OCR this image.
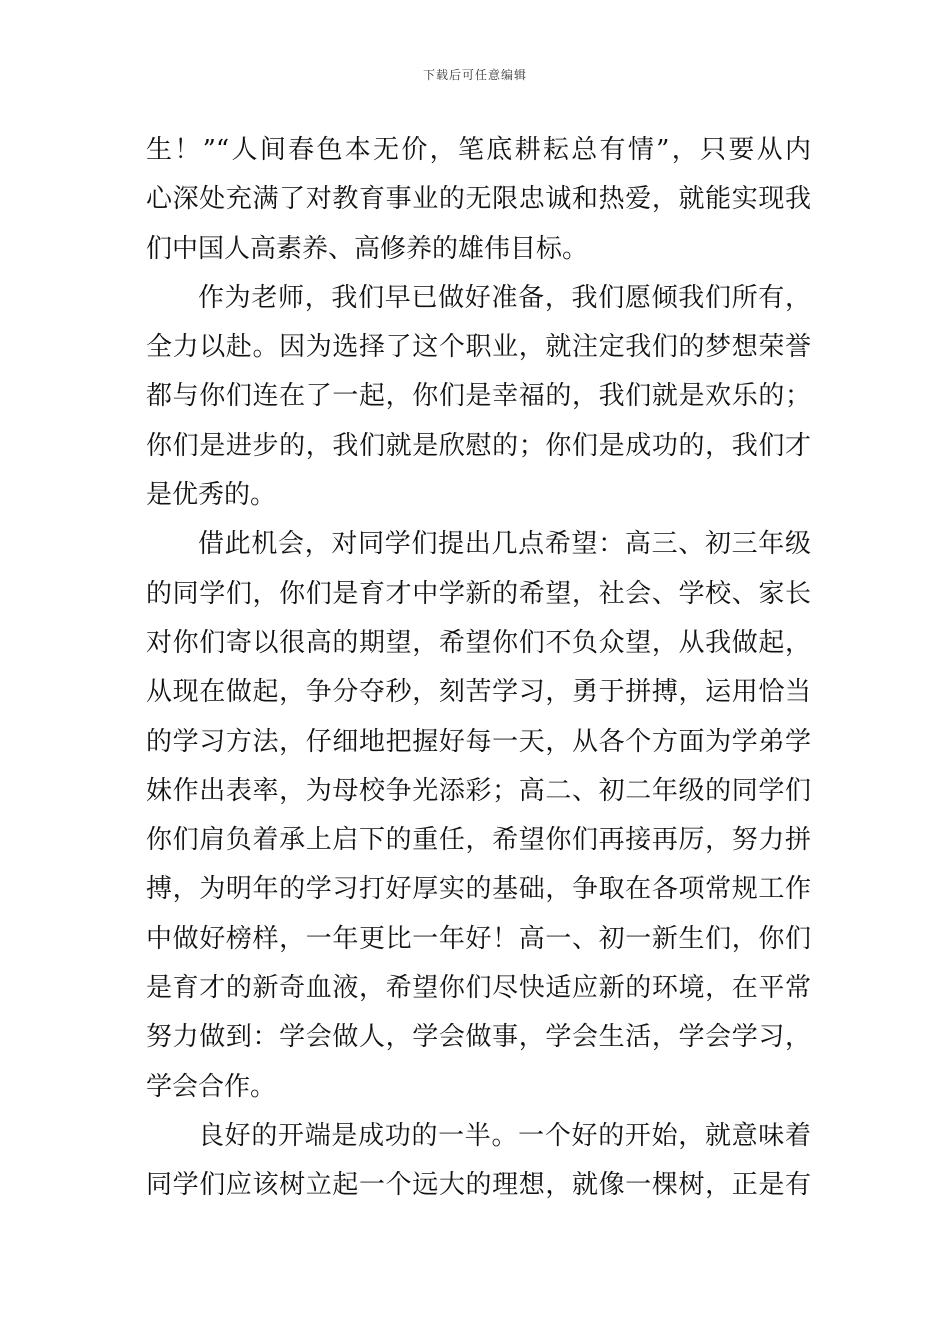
下载后可任意编辑
生！”“人间春色本无价，笔底耕耘总有情”，只要从内
心深处充满了对教育事业的无限忠诚和热爱，就能实现我
们中国人高素养、高修养的雄伟目标。
作为老师，我们早已做好准备，我们愿倾我们所有，
全力以赴。因为选择了这个职业，就注定我们的梦想荣誉
都与你们连在了一起，你们是幸福的，我们就是欢乐的；
你们是进步的，我们就是欣慰的；你们是成功的，我们才
是优秀的。
借此机会，对同学们提出几点希望：高三、初三年级
的同学们，你们是育才中学新的希望，社会、学校、家长
对你们寄以很高的期望，希望你们不负众望，从我做起，
从现在做起，争分夺秒，刻苦学习，勇于拼搏，运用恰当
的学习方法，仔细地把握好每一天，从各个方面为学弟学
妹作出表率，为母校争光添彩；高二、初二年级的同学们
你们肩负着承上启下的重任，希望你们再接再厉，努力拼
搏，为明年的学习打好厚实的基础，争取在各项常规工作
中做好榜样，一年更比一年好！高一、初一新生们，你们
是育才的新奇血液，希望你们尽快适应新的环境，在平常
努力做到：学会做人，学会做事，学会生活，学会学习，
学会合作。
良好的开端是成功的一半。一个好的开始，就意味着
同学们应该树立起一个远大的理想，就像一棵树，正是有
